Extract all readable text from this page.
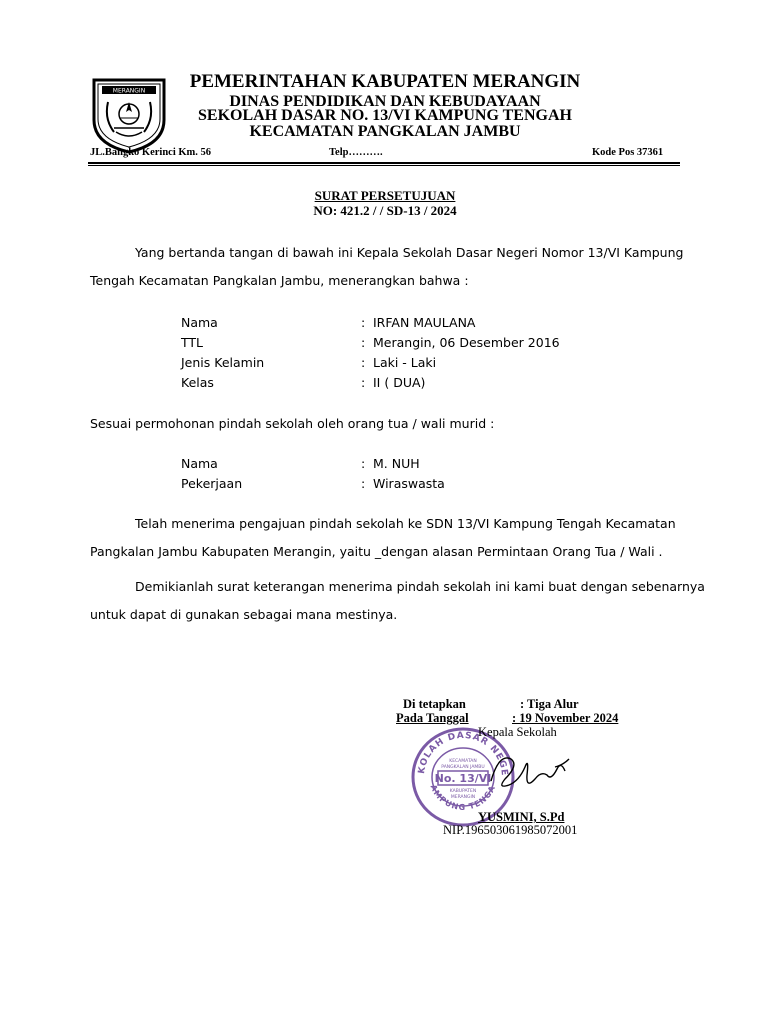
MERANGIN	PEMERINTAHAN KABUPATEN MERANGIN
DINAS PENDIDIKAN DAN KEBUDAYAAN
SEKOLAH DASAR NO. 13/VI KAMPUNG TENGAH
KECAMATAN PANGKALAN JAMBU
JL.Bangko Kerinci Km. 56	Telp……….	Kode Pos 37361
SURAT PERSETUJUAN
NO: 421.2 / / SD-13 / 2024
Yang bertanda tangan di bawah ini Kepala Sekolah Dasar Negeri Nomor 13/VI Kampung
Tengah Kecamatan Pangkalan Jambu, menerangkan bahwa :
Nama	: IRFAN MAULANA
TTL	: Merangin, 06 Desember 2016
Jenis Kelamin	: Laki - Laki
Kelas	: II ( DUA)
Sesuai permohonan pindah sekolah oleh orang tua / wali murid :
Nama	: M. NUH
Pekerjaan	: Wiraswasta
Telah menerima pengajuan pindah sekolah ke SDN 13/VI Kampung Tengah Kecamatan
Pangkalan Jambu Kabupaten Merangin, yaitu _dengan alasan Permintaan Orang Tua / Wali .
Demikianlah surat keterangan menerima pindah sekolah ini kami buat dengan sebenarnya
untuk dapat di gunakan sebagai mana mestinya.
KOLAH DASAR NEGE
AMPUNG TENGA
KECAMATAN
PANGKALAN JAMBU
No. 13/VI
KABUPATEN
MERANGIN
Di tetapkan	: Tiga Alur
Pada Tanggal	: 19 November 2024
Kepala Sekolah
YUSMINI, S.Pd
NIP.196503061985072001
